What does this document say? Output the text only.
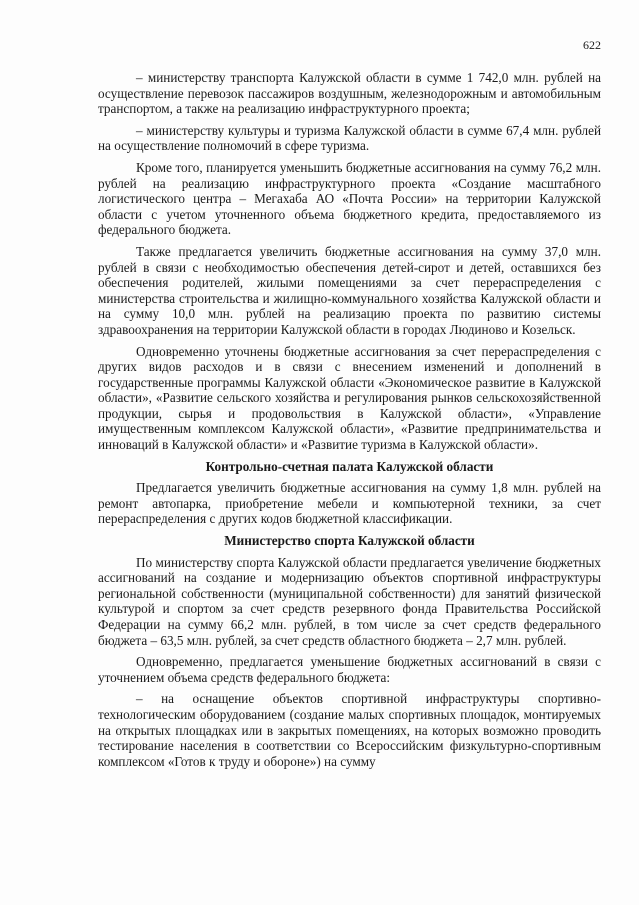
622

– министерству транспорта Калужской области в сумме 1 742,0 млн. рублей на осуществление перевозок пассажиров воздушным, железнодорожным и автомобильным транспортом, а также на реализацию инфраструктурного проекта;

– министерству культуры и туризма Калужской области в сумме 67,4 млн. рублей на осуществление полномочий в сфере туризма.

Кроме того, планируется уменьшить бюджетные ассигнования на сумму 76,2 млн. рублей на реализацию инфраструктурного проекта «Создание масштабного логистического центра – Мегахаба АО «Почта России» на территории Калужской области с учетом уточненного объема бюджетного кредита, предоставляемого из федерального бюджета.

Также предлагается увеличить бюджетные ассигнования на сумму 37,0 млн. рублей в связи с необходимостью обеспечения детей-сирот и детей, оставшихся без обеспечения родителей, жилыми помещениями за счет перераспределения с министерства строительства и жилищно-коммунального хозяйства Калужской области и на сумму 10,0 млн. рублей на реализацию проекта по развитию системы здравоохранения на территории Калужской области в городах Людиново и Козельск.

Одновременно уточнены бюджетные ассигнования за счет перераспределения с других видов расходов и в связи с внесением изменений и дополнений в государственные программы Калужской области «Экономическое развитие в Калужской области», «Развитие сельского хозяйства и регулирования рынков сельскохозяйственной продукции, сырья и продовольствия в Калужской области», «Управление имущественным комплексом Калужской области», «Развитие предпринимательства и инноваций в Калужской области» и «Развитие туризма в Калужской области».

Контрольно-счетная палата Калужской области

Предлагается увеличить бюджетные ассигнования на сумму 1,8 млн. рублей на ремонт автопарка, приобретение мебели и компьютерной техники, за счет перераспределения с других кодов бюджетной классификации.

Министерство спорта Калужской области

По министерству спорта Калужской области предлагается увеличение бюджетных ассигнований на создание и модернизацию объектов спортивной инфраструктуры региональной собственности (муниципальной собственности) для занятий физической культурой и спортом за счет средств резервного фонда Правительства Российской Федерации на сумму 66,2 млн. рублей, в том числе за счет средств федерального бюджета – 63,5 млн. рублей, за счет средств областного бюджета – 2,7 млн. рублей.

Одновременно, предлагается уменьшение бюджетных ассигнований в связи с уточнением объема средств федерального бюджета:

– на оснащение объектов спортивной инфраструктуры спортивно-технологическим оборудованием (создание малых спортивных площадок, монтируемых на открытых площадках или в закрытых помещениях, на которых возможно проводить тестирование населения в соответствии со Всероссийским физкультурно-спортивным комплексом «Готов к труду и обороне») на сумму
